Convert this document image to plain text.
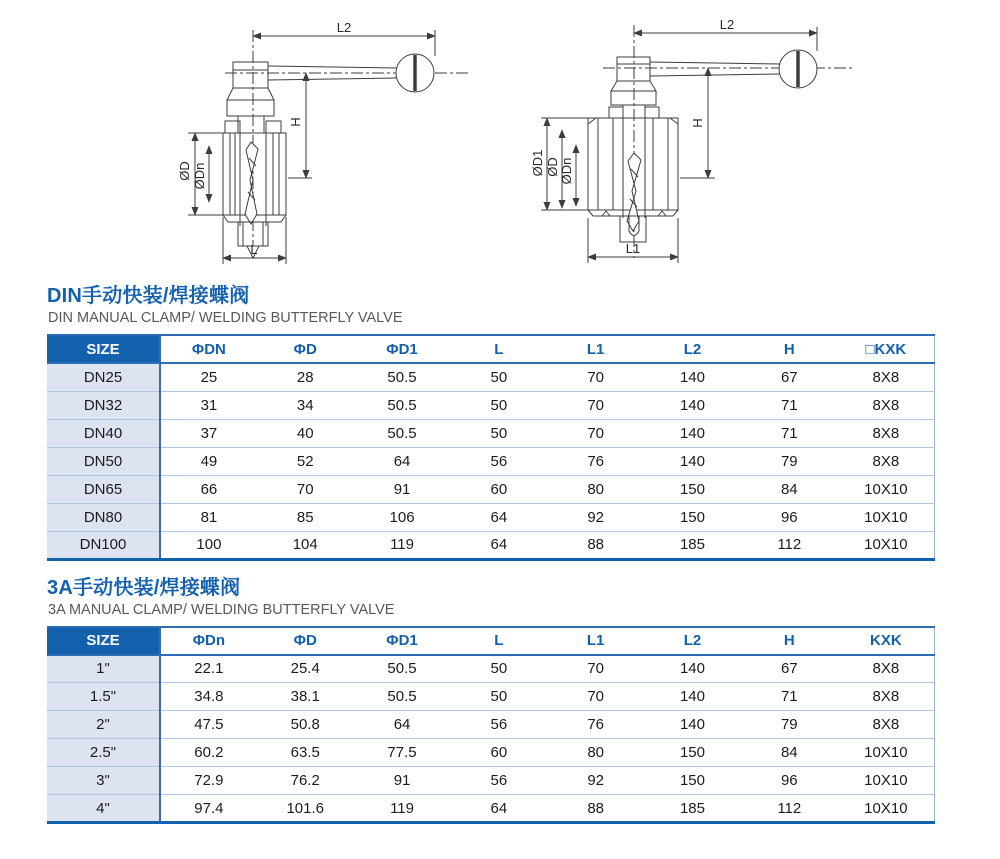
L2
H
ØD ØDn
L
L2
H
ØD1 ØD ØDn
L1
DIN手动快装/焊接蝶阀
DIN MANUAL CLAMP/ WELDING BUTTERFLY VALVE
SIZE	ΦDN	ΦD	ΦD1	L	L1	L2	H	□KXK
DN25	25	28	50.5	50	70	140	67	8X8
DN32	31	34	50.5	50	70	140	71	8X8
DN40	37	40	50.5	50	70	140	71	8X8
DN50	49	52	64	56	76	140	79	8X8
DN65	66	70	91	60	80	150	84	10X10
DN80	81	85	106	64	92	150	96	10X10
DN100	100	104	119	64	88	185	112	10X10
3A手动快装/焊接蝶阀
3A MANUAL CLAMP/ WELDING BUTTERFLY VALVE
SIZE	ΦDn	ΦD	ΦD1	L	L1	L2	H	KXK
1"	22.1	25.4	50.5	50	70	140	67	8X8
1.5"	34.8	38.1	50.5	50	70	140	71	8X8
2"	47.5	50.8	64	56	76	140	79	8X8
2.5"	60.2	63.5	77.5	60	80	150	84	10X10
3"	72.9	76.2	91	56	92	150	96	10X10
4"	97.4	101.6	119	64	88	185	112	10X10
